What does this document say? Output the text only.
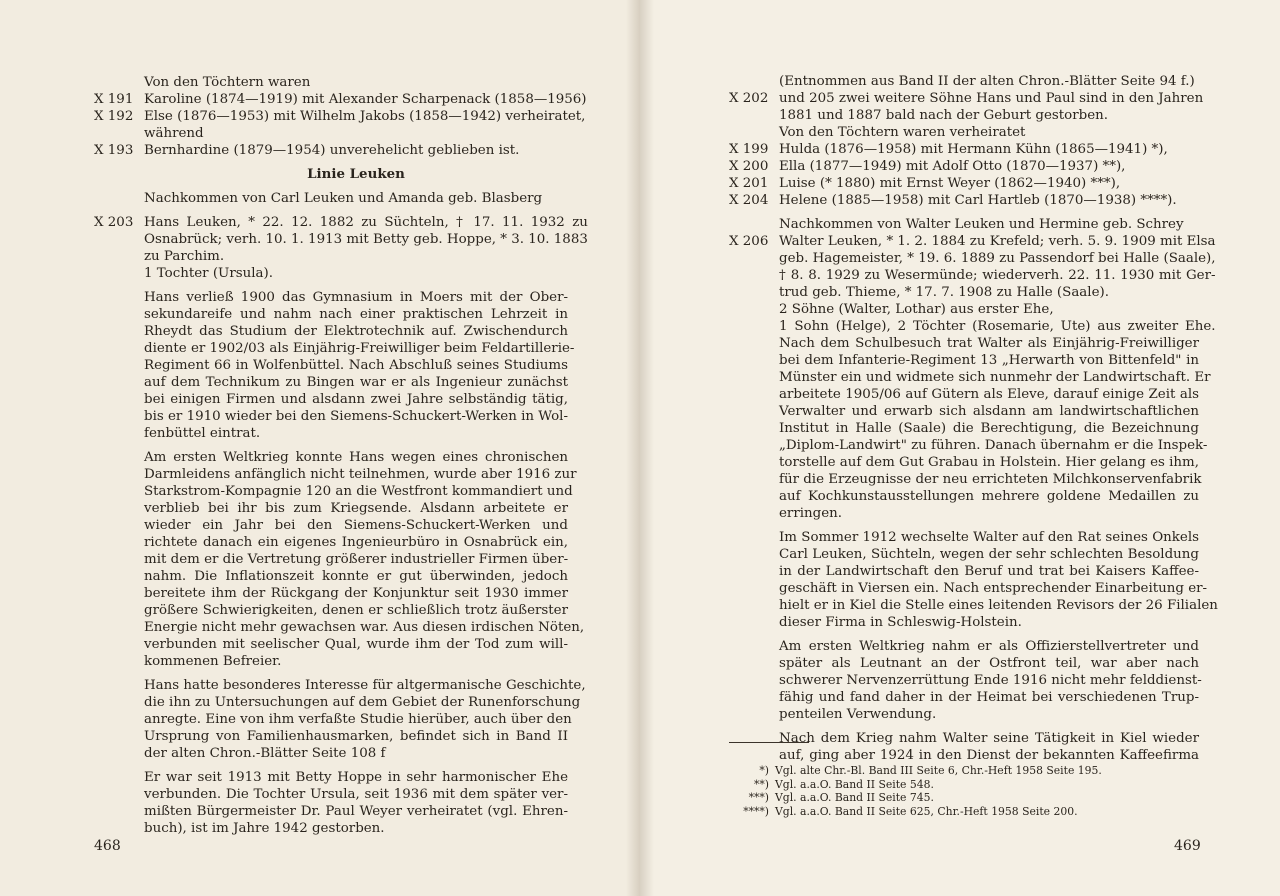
Von den Töchtern waren
X 191 Karoline (1874—1919) mit Alexander Scharpenack (1858—1956)
X 192 Else (1876—1953) mit Wilhelm Jakobs (1858—1942) verheiratet,
während
X 193 Bernhardine (1879—1954) unverehelicht geblieben ist.
Linie Leuken
Nachkommen von Carl Leuken und Amanda geb. Blasberg
X 203 Hans Leuken, * 22. 12. 1882 zu Süchteln, † 17. 11. 1932 zu
Osnabrück; verh. 10. 1. 1913 mit Betty geb. Hoppe, * 3. 10. 1883
zu Parchim.
1 Tochter (Ursula).
Hans verließ 1900 das Gymnasium in Moers mit der Ober-
sekundareife und nahm nach einer praktischen Lehrzeit in
Rheydt das Studium der Elektrotechnik auf. Zwischendurch
diente er 1902/03 als Einjährig-Freiwilliger beim Feldartillerie-
Regiment 66 in Wolfenbüttel. Nach Abschluß seines Studiums
auf dem Technikum zu Bingen war er als Ingenieur zunächst
bei einigen Firmen und alsdann zwei Jahre selbständig tätig,
bis er 1910 wieder bei den Siemens-Schuckert-Werken in Wol-
fenbüttel eintrat.
Am ersten Weltkrieg konnte Hans wegen eines chronischen
Darmleidens anfänglich nicht teilnehmen, wurde aber 1916 zur
Starkstrom-Kompagnie 120 an die Westfront kommandiert und
verblieb bei ihr bis zum Kriegsende. Alsdann arbeitete er
wieder ein Jahr bei den Siemens-Schuckert-Werken und
richtete danach ein eigenes Ingenieurbüro in Osnabrück ein,
mit dem er die Vertretung größerer industrieller Firmen über-
nahm. Die Inflationszeit konnte er gut überwinden, jedoch
bereitete ihm der Rückgang der Konjunktur seit 1930 immer
größere Schwierigkeiten, denen er schließlich trotz äußerster
Energie nicht mehr gewachsen war. Aus diesen irdischen Nöten,
verbunden mit seelischer Qual, wurde ihm der Tod zum will-
kommenen Befreier.
Hans hatte besonderes Interesse für altgermanische Geschichte,
die ihn zu Untersuchungen auf dem Gebiet der Runenforschung
anregte. Eine von ihm verfaßte Studie hierüber, auch über den
Ursprung von Familienhausmarken, befindet sich in Band II
der alten Chron.-Blätter Seite 108 f
Er war seit 1913 mit Betty Hoppe in sehr harmonischer Ehe
verbunden. Die Tochter Ursula, seit 1936 mit dem später ver-
mißten Bürgermeister Dr. Paul Weyer verheiratet (vgl. Ehren-
buch), ist im Jahre 1942 gestorben.
468
(Entnommen aus Band II der alten Chron.-Blätter Seite 94 f.)
X 202 und 205 zwei weitere Söhne Hans und Paul sind in den Jahren
1881 und 1887 bald nach der Geburt gestorben.
Von den Töchtern waren verheiratet
X 199 Hulda (1876—1958) mit Hermann Kühn (1865—1941) *),
X 200 Ella (1877—1949) mit Adolf Otto (1870—1937) **),
X 201 Luise (* 1880) mit Ernst Weyer (1862—1940) ***),
X 204 Helene (1885—1958) mit Carl Hartleb (1870—1938) ****).
Nachkommen von Walter Leuken und Hermine geb. Schrey
X 206 Walter Leuken, * 1. 2. 1884 zu Krefeld; verh. 5. 9. 1909 mit Elsa
geb. Hagemeister, * 19. 6. 1889 zu Passendorf bei Halle (Saale),
† 8. 8. 1929 zu Wesermünde; wiederverh. 22. 11. 1930 mit Ger-
trud geb. Thieme, * 17. 7. 1908 zu Halle (Saale).
2 Söhne (Walter, Lothar) aus erster Ehe,
1 Sohn (Helge), 2 Töchter (Rosemarie, Ute) aus zweiter Ehe.
Nach dem Schulbesuch trat Walter als Einjährig-Freiwilliger
bei dem Infanterie-Regiment 13 „Herwarth von Bittenfeld" in
Münster ein und widmete sich nunmehr der Landwirtschaft. Er
arbeitete 1905/06 auf Gütern als Eleve, darauf einige Zeit als
Verwalter und erwarb sich alsdann am landwirtschaftlichen
Institut in Halle (Saale) die Berechtigung, die Bezeichnung
„Diplom-Landwirt" zu führen. Danach übernahm er die Inspek-
torstelle auf dem Gut Grabau in Holstein. Hier gelang es ihm,
für die Erzeugnisse der neu errichteten Milchkonservenfabrik
auf Kochkunstausstellungen mehrere goldene Medaillen zu
erringen.
Im Sommer 1912 wechselte Walter auf den Rat seines Onkels
Carl Leuken, Süchteln, wegen der sehr schlechten Besoldung
in der Landwirtschaft den Beruf und trat bei Kaisers Kaffee-
geschäft in Viersen ein. Nach entsprechender Einarbeitung er-
hielt er in Kiel die Stelle eines leitenden Revisors der 26 Filialen
dieser Firma in Schleswig-Holstein.
Am ersten Weltkrieg nahm er als Offizierstellvertreter und
später als Leutnant an der Ostfront teil, war aber nach
schwerer Nervenzerrüttung Ende 1916 nicht mehr felddienst-
fähig und fand daher in der Heimat bei verschiedenen Trup-
penteilen Verwendung.
Nach dem Krieg nahm Walter seine Tätigkeit in Kiel wieder
auf, ging aber 1924 in den Dienst der bekannten Kaffeefirma
*) Vgl. alte Chr.-Bl. Band III Seite 6, Chr.-Heft 1958 Seite 195.
**) Vgl. a.a.O. Band II Seite 548.
***) Vgl. a.a.O. Band II Seite 745.
****) Vgl. a.a.O. Band II Seite 625, Chr.-Heft 1958 Seite 200.
469
